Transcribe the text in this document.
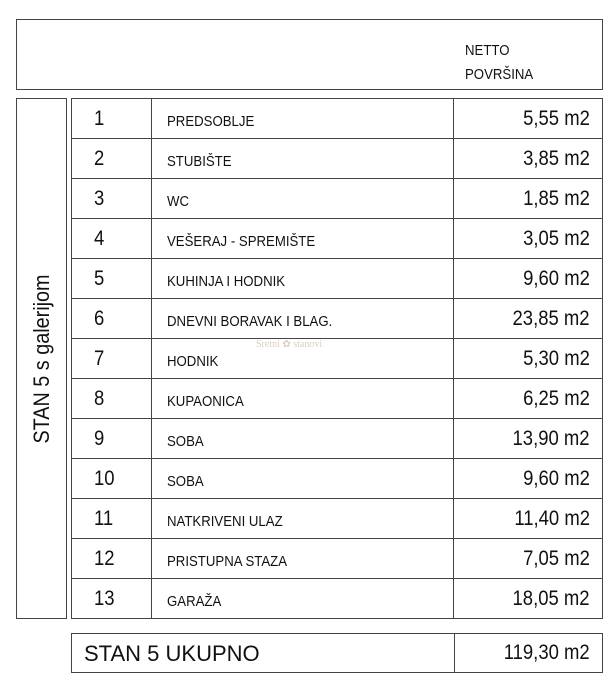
NETTO
POVRŠINA
STAN 5 s galerijom
1	PREDSOBLJE	5,55 m2
2	STUBIŠTE	3,85 m2
3	WC	1,85 m2
4	VEŠERAJ - SPREMIŠTE	3,05 m2
5	KUHINJA I HODNIK	9,60 m2
6	DNEVNI BORAVAK I BLAG.	23,85 m2
7	HODNIK	5,30 m2
8	KUPAONICA	6,25 m2
9	SOBA	13,90 m2
10	SOBA	9,60 m2
11	NATKRIVENI ULAZ	11,40 m2
12	PRISTUPNA STAZA	7,05 m2
13	GARAŽA	18,05 m2
Sretni ✿ stanovi
STAN 5 UKUPNO	119,30 m2
